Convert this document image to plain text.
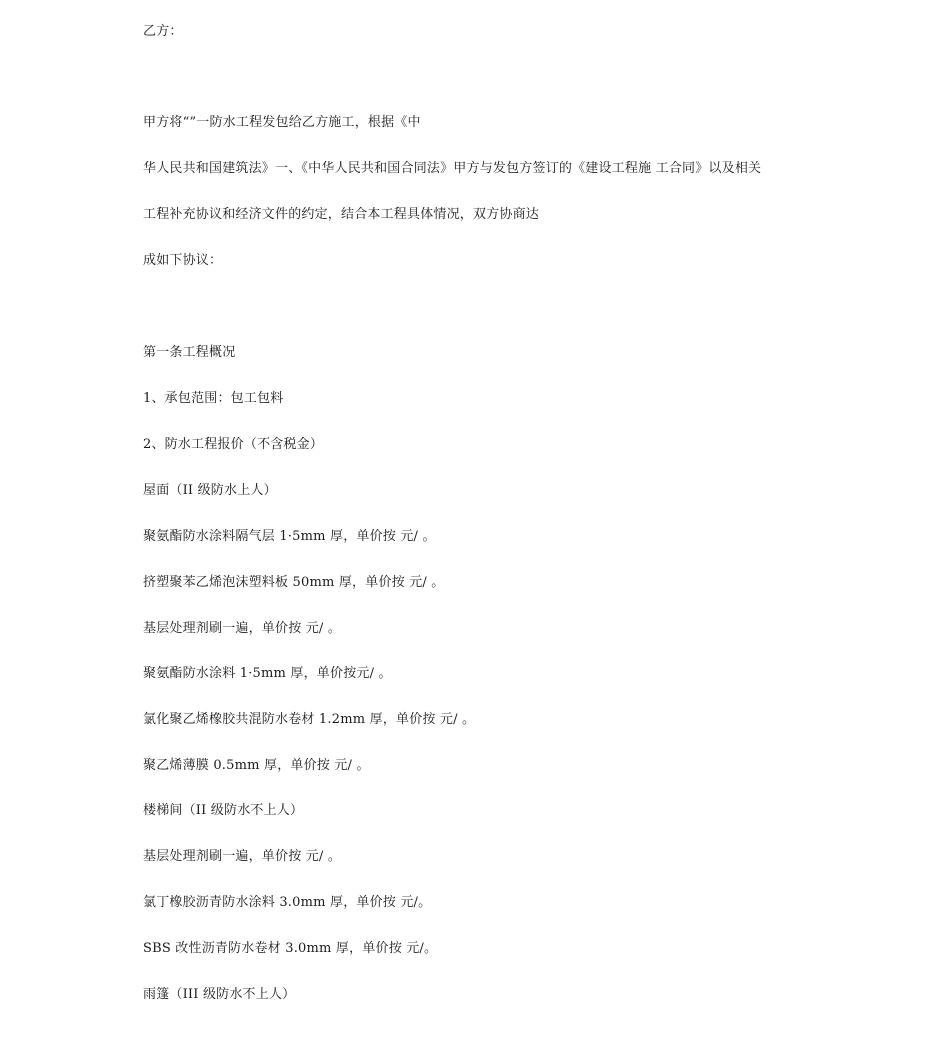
乙方：
甲方将“”一防水工程发包给乙方施工，根据《中
华人民共和国建筑法》一、《中华人民共和国合同法》甲方与发包方签订的《建设工程施 工合同》以及相关
工程补充协议和经济文件的约定，结合本工程具体情况，双方协商达
成如下协议：
第一条工程概况
1、承包范围：包工包料
2、防水工程报价（不含税金）
屋面（II 级防水上人）
聚氨酯防水涂料隔气层 1·5mm 厚，单价按 元/ 。
挤塑聚苯乙烯泡沫塑料板 50mm 厚，单价按 元/ 。
基层处理剂刷一遍，单价按 元/ 。
聚氨酯防水涂料 1·5mm 厚，单价按元/ 。
氯化聚乙烯橡胶共混防水卷材 1.2mm 厚，单价按 元/ 。
聚乙烯薄膜 0.5mm 厚，单价按 元/ 。
楼梯间（II 级防水不上人）
基层处理剂刷一遍，单价按 元/ 。
氯丁橡胶沥青防水涂料 3.0mm 厚，单价按 元/。
SBS 改性沥青防水卷材 3.0mm 厚，单价按 元/。
雨篷（III 级防水不上人）
